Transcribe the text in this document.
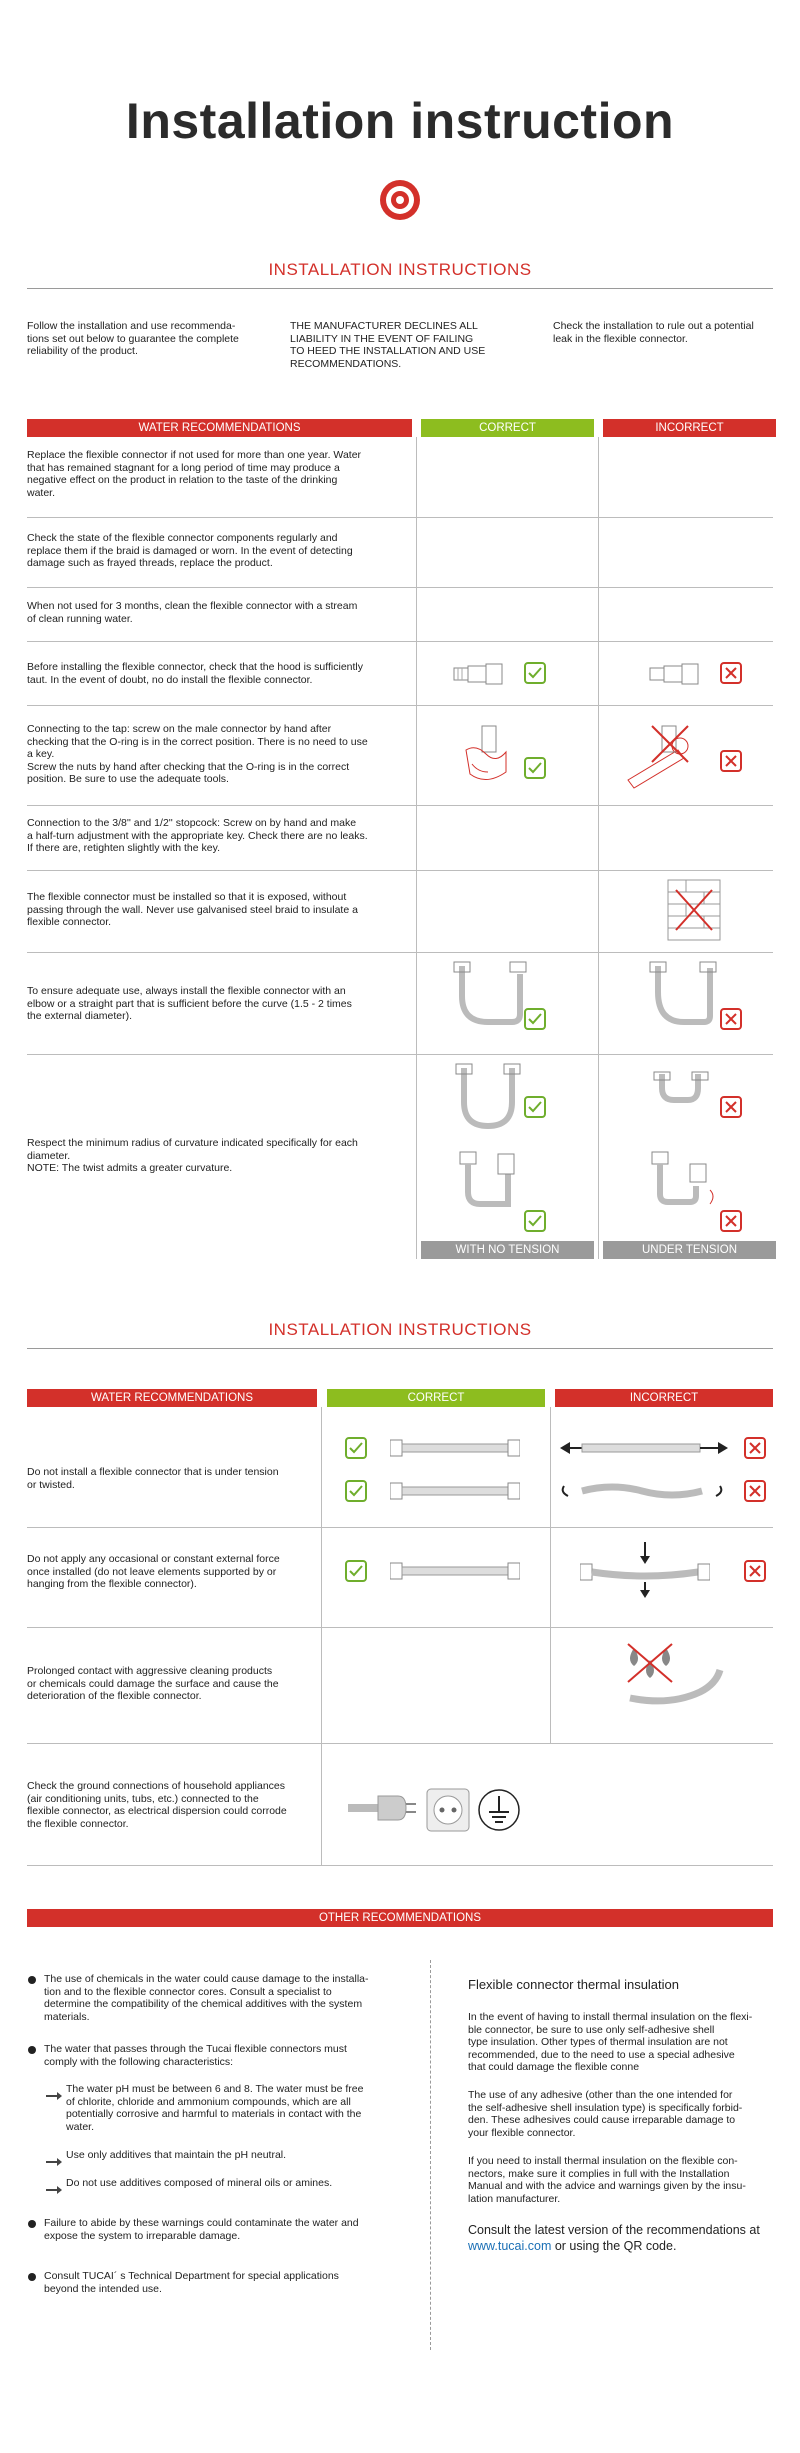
Installation instruction
INSTALLATION INSTRUCTIONS
Follow the installation and use recommenda-
tions set out below to guarantee the complete
reliability of the product.
THE MANUFACTURER DECLINES ALL
LIABILITY IN THE EVENT OF FAILING
TO HEED THE INSTALLATION AND USE
RECOMMENDATIONS.
Check the installation to rule out a potential
leak in the flexible connector.
WATER RECOMMENDATIONS	CORRECT	INCORRECT
Replace the flexible connector if not used for more than one year. Water
that has remained stagnant for a long period of time may produce a
negative effect on the product in relation to the taste of the drinking
water.
Check the state of the flexible connector components regularly and
replace them if the braid is damaged or worn. In the event of detecting
damage such as frayed threads, replace the product.
When not used for 3 months, clean the flexible connector with a stream
of clean running water.
Before installing the flexible connector, check that the hood is sufficiently
taut. In the event of doubt, no do install the flexible connector.
Connecting to the tap: screw on the male connector by hand after
checking that the O-ring is in the correct position. There is no need to use
a key.
Screw the nuts by hand after checking that the O-ring is in the correct
position. Be sure to use the adequate tools.
Connection to the 3/8'' and 1/2'' stopcock: Screw on by hand and make
a half-turn adjustment with the appropriate key. Check there are no leaks.
If there are, retighten slightly with the key.
The flexible connector must be installed so that it is exposed, without
passing through the wall. Never use galvanised steel braid to insulate a
flexible connector.
To ensure adequate use, always install the flexible connector with an
elbow or a straight part that is sufficient before the curve (1.5 - 2 times
the external diameter).
Respect the minimum radius of curvature indicated specifically for each
diameter.
NOTE: The twist admits a greater curvature.
WITH NO TENSION	UNDER TENSION
INSTALLATION INSTRUCTIONS
WATER RECOMMENDATIONS	CORRECT	INCORRECT
Do not install a flexible connector that is under tension
or twisted.
Do not apply any occasional or constant external force
once installed (do not leave elements supported by or
hanging from the flexible connector).
Prolonged contact with aggressive cleaning products
or chemicals could damage the surface and cause the
deterioration of the flexible connector.
Check the ground connections of household appliances
(air conditioning units, tubs, etc.) connected to the
flexible connector, as electrical dispersion could corrode
the flexible connector.
OTHER RECOMMENDATIONS
The use of chemicals in the water could cause damage to the installa-
tion and to the flexible connector cores. Consult a specialist to
determine the compatibility of the chemical additives with the system
materials.
The water that passes through the Tucai flexible connectors must
comply with the following characteristics:
The water pH must be between 6 and 8. The water must be free
of chlorite, chloride and ammonium compounds, which are all
potentially corrosive and harmful to materials in contact with the
water.
Use only additives that maintain the pH neutral.
Do not use additives composed of mineral oils or amines.
Failure to abide by these warnings could contaminate the water and
expose the system to irreparable damage.
Consult TUCAI´ s Technical Department for special applications
beyond the intended use.
Flexible connector thermal insulation
In the event of having to install thermal insulation on the flexi-
ble connector, be sure to use only self-adhesive shell
type insulation. Other types of thermal insulation are not
recommended, due to the need to use a special adhesive
that could damage the flexible conne
The use of any adhesive (other than the one intended for
the self-adhesive shell insulation type) is specifically forbid-
den. These adhesives could cause irreparable damage to
your flexible connector.
If you need to install thermal insulation on the flexible con-
nectors, make sure it complies in full with the Installation
Manual and with the advice and warnings given by the insu-
lation manufacturer.
Consult the latest version of the recommendations at
www.tucai.com or using the QR code.
